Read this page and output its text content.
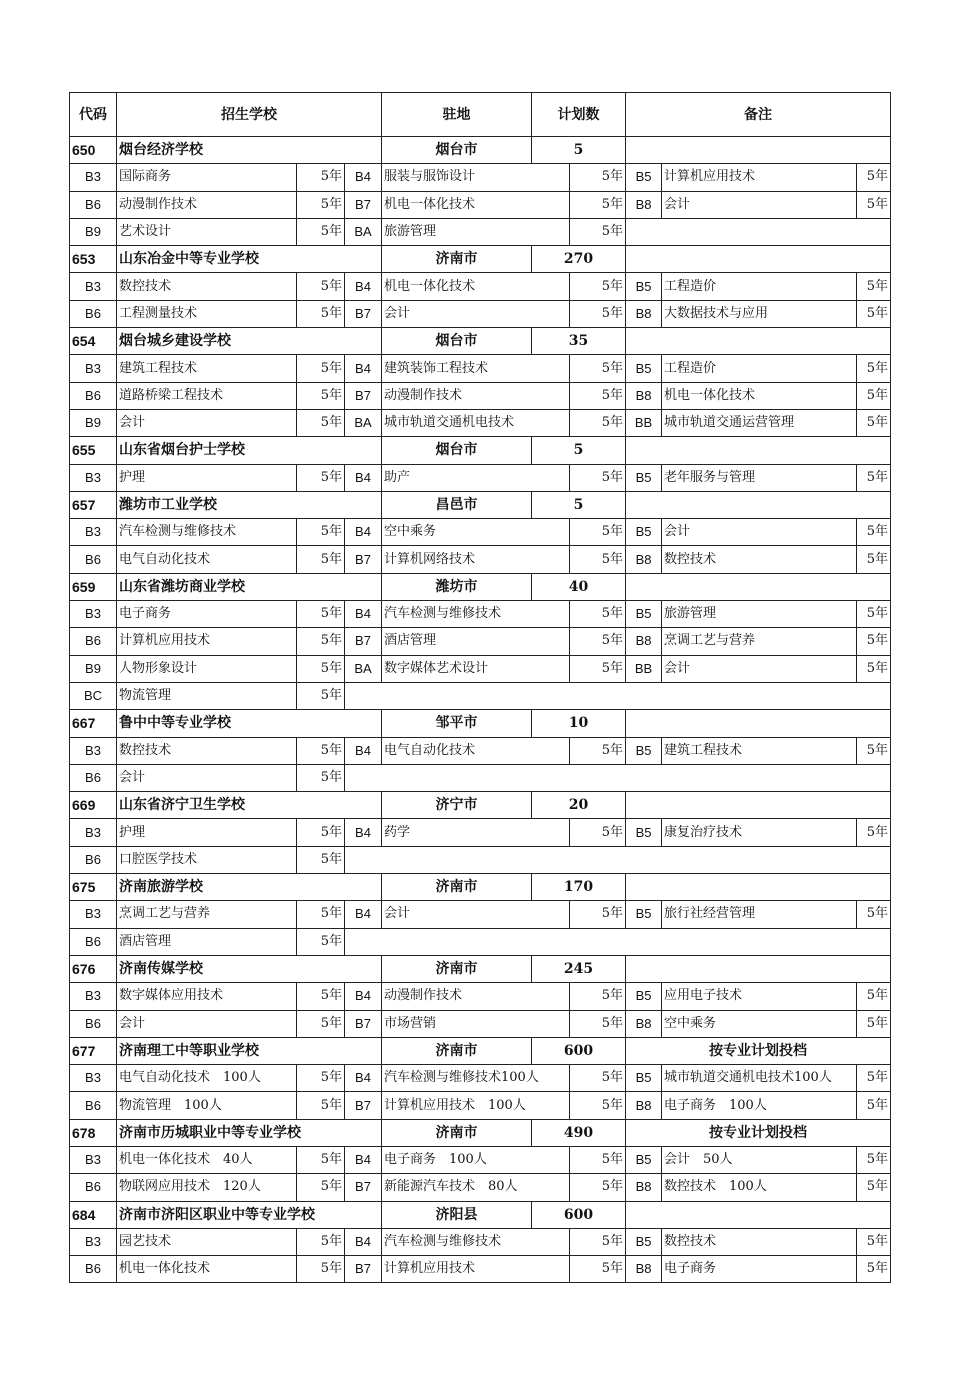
代码	招生学校			驻地	计划数		备注		
650	烟台经济学校			烟台市	5				
B3	国际商务	5年	B4	服装与服饰设计		5年	B5	计算机应用技术	5年
B6	动漫制作技术	5年	B7	机电一体化技术		5年	B8	会计	5年
B9	艺术设计	5年	BA	旅游管理		5年			
653	山东冶金中等专业学校			济南市	270				
B3	数控技术	5年	B4	机电一体化技术		5年	B5	工程造价	5年
B6	工程测量技术	5年	B7	会计		5年	B8	大数据技术与应用	5年
654	烟台城乡建设学校			烟台市	35				
B3	建筑工程技术	5年	B4	建筑装饰工程技术		5年	B5	工程造价	5年
B6	道路桥梁工程技术	5年	B7	动漫制作技术		5年	B8	机电一体化技术	5年
B9	会计	5年	BA	城市轨道交通机电技术		5年	BB	城市轨道交通运营管理	5年
655	山东省烟台护士学校			烟台市	5				
B3	护理	5年	B4	助产		5年	B5	老年服务与管理	5年
657	潍坊市工业学校			昌邑市	5				
B3	汽车检测与维修技术	5年	B4	空中乘务		5年	B5	会计	5年
B6	电气自动化技术	5年	B7	计算机网络技术		5年	B8	数控技术	5年
659	山东省潍坊商业学校			潍坊市	40				
B3	电子商务	5年	B4	汽车检测与维修技术		5年	B5	旅游管理	5年
B6	计算机应用技术	5年	B7	酒店管理		5年	B8	烹调工艺与营养	5年
B9	人物形象设计	5年	BA	数字媒体艺术设计		5年	BB	会计	5年
BC	物流管理	5年							
667	鲁中中等专业学校			邹平市	10				
B3	数控技术	5年	B4	电气自动化技术		5年	B5	建筑工程技术	5年
B6	会计	5年							
669	山东省济宁卫生学校			济宁市	20				
B3	护理	5年	B4	药学		5年	B5	康复治疗技术	5年
B6	口腔医学技术	5年							
675	济南旅游学校			济南市	170				
B3	烹调工艺与营养	5年	B4	会计		5年	B5	旅行社经营管理	5年
B6	酒店管理	5年							
676	济南传媒学校			济南市	245				
B3	数字媒体应用技术	5年	B4	动漫制作技术		5年	B5	应用电子技术	5年
B6	会计	5年	B7	市场营销		5年	B8	空中乘务	5年
677	济南理工中等职业学校			济南市	600		按专业计划投档		
B3	电气自动化技术　100人	5年	B4	汽车检测与维修技术100人		5年	B5	城市轨道交通机电技术100人	5年
B6	物流管理　100人	5年	B7	计算机应用技术　100人		5年	B8	电子商务　100人	5年
678	济南市历城职业中等专业学校			济南市	490		按专业计划投档		
B3	机电一体化技术　40人	5年	B4	电子商务　100人		5年	B5	会计　50人	5年
B6	物联网应用技术　120人	5年	B7	新能源汽车技术　80人		5年	B8	数控技术　100人	5年
684	济南市济阳区职业中等专业学校			济阳县	600				
B3	园艺技术	5年	B4	汽车检测与维修技术		5年	B5	数控技术	5年
B6	机电一体化技术	5年	B7	计算机应用技术		5年	B8	电子商务	5年
